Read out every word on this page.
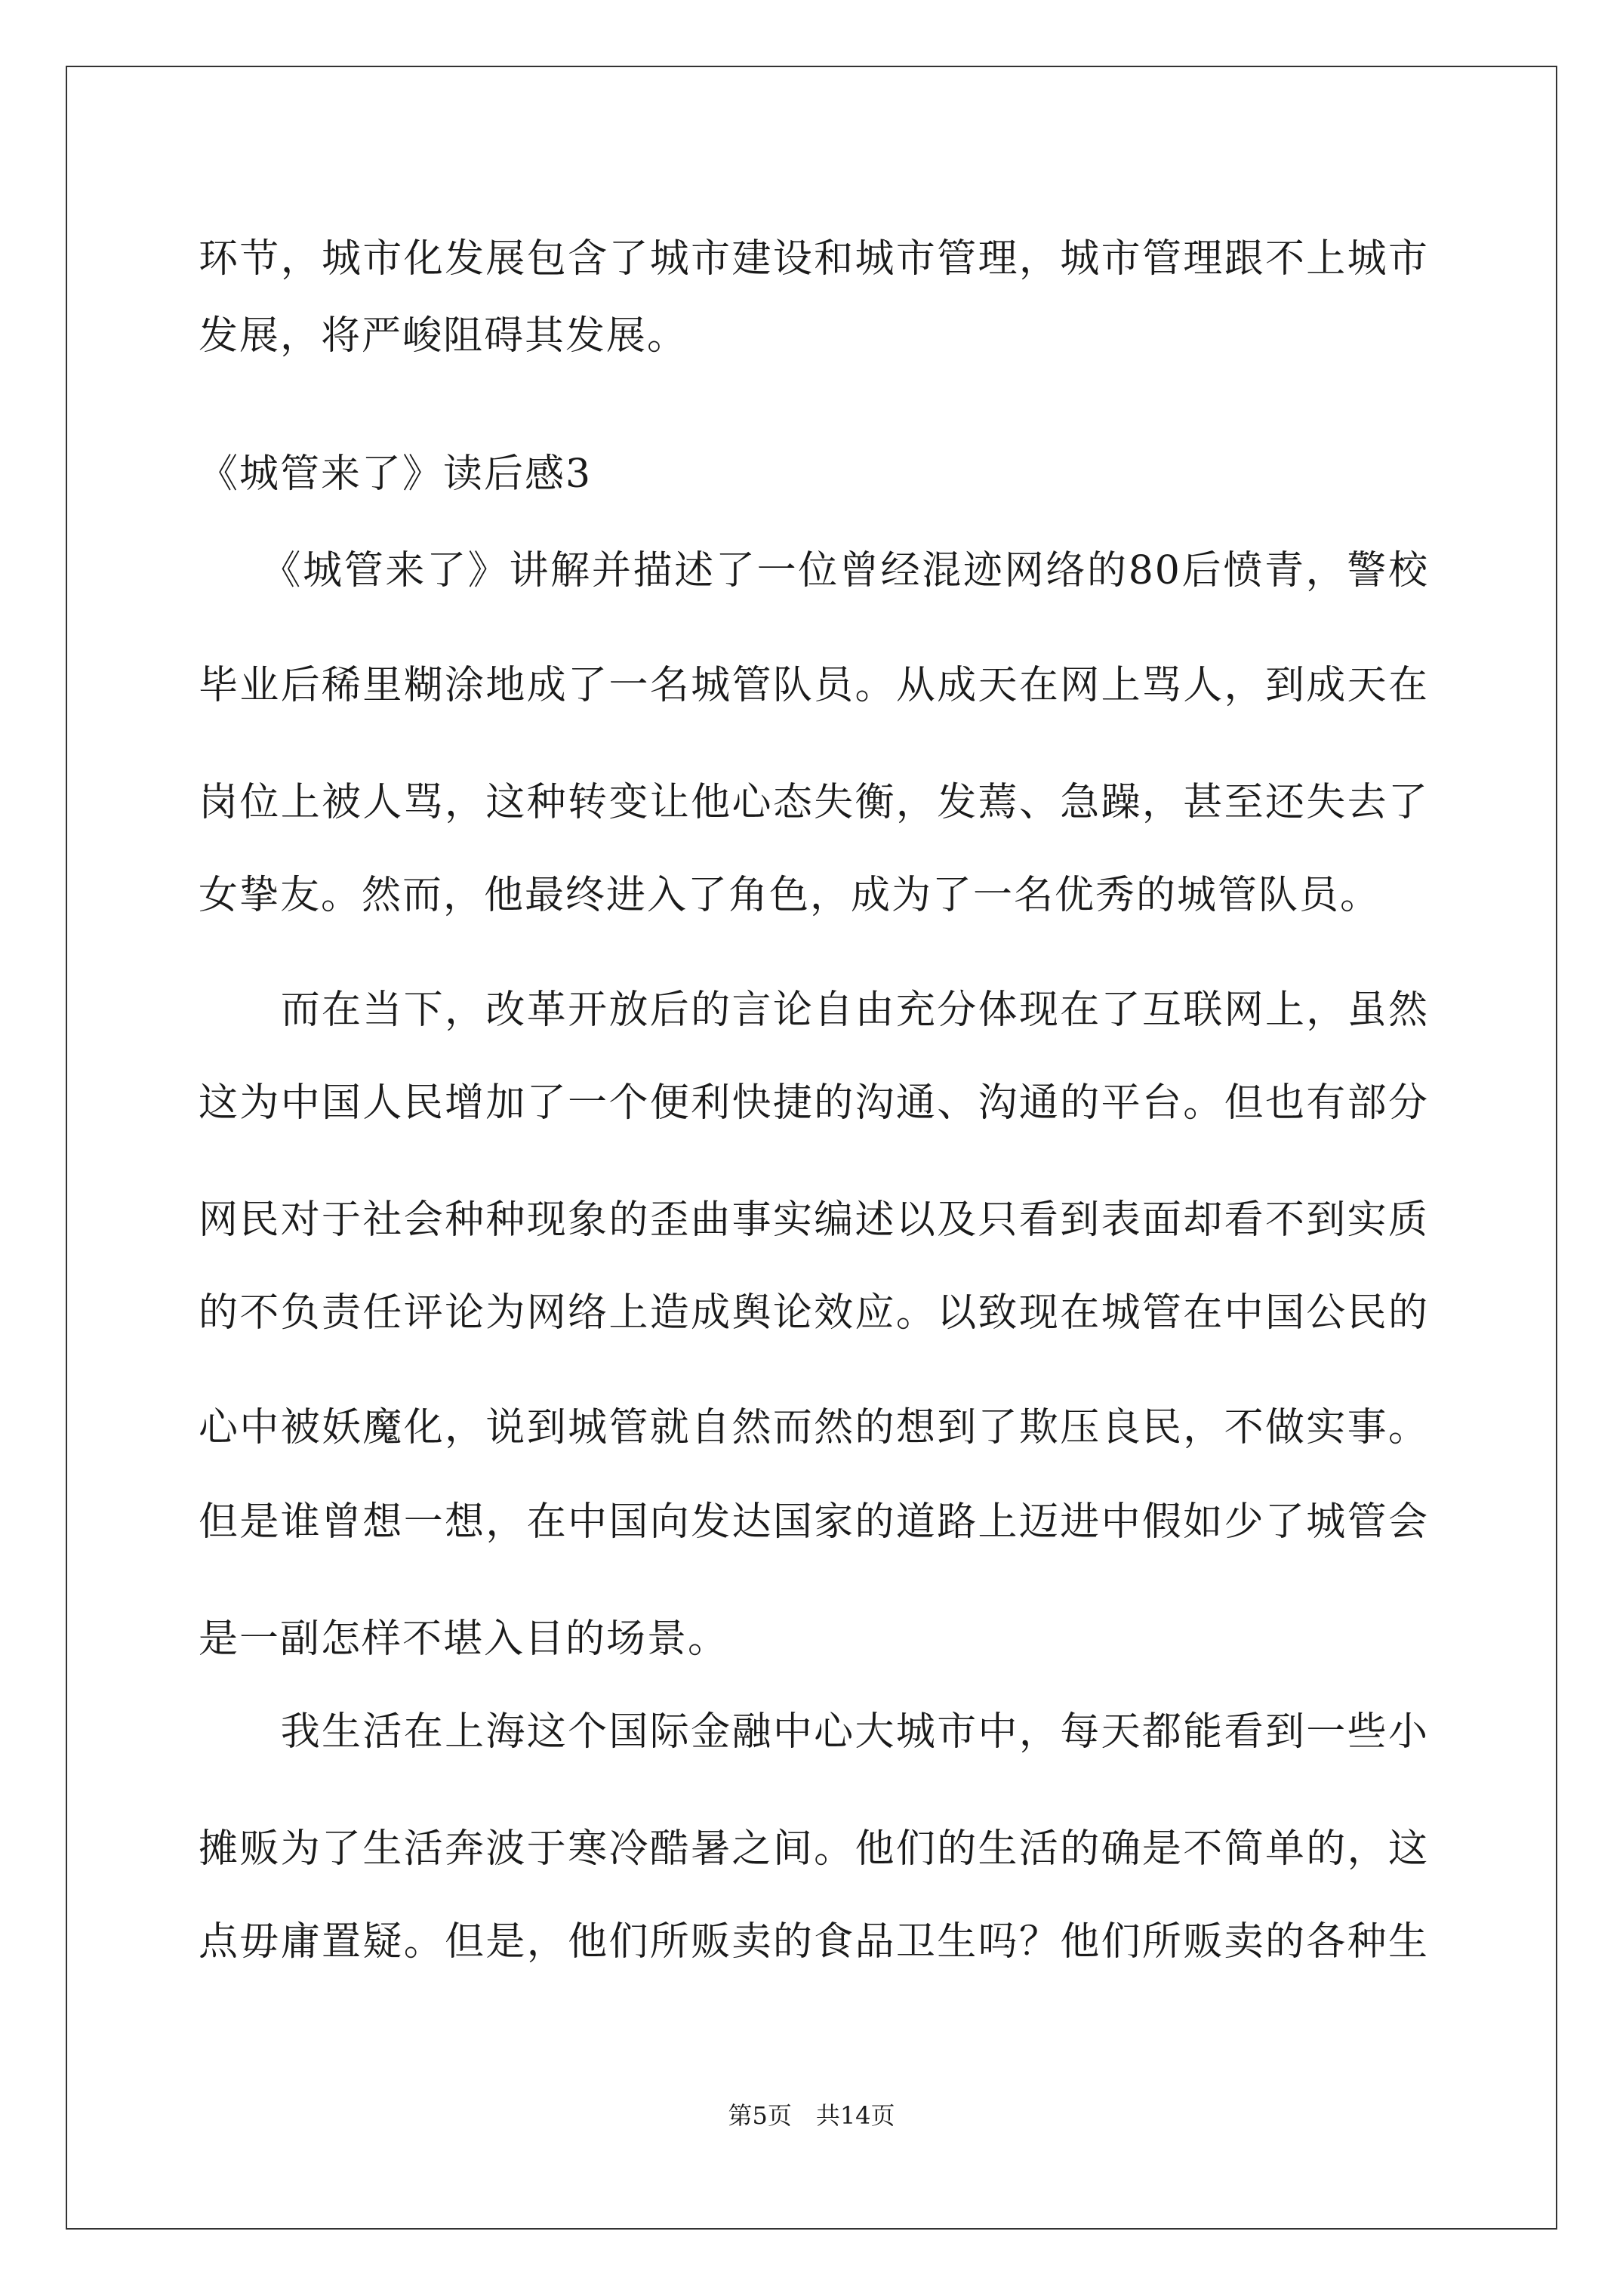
环节，城市化发展包含了城市建设和城市管理，城市管理跟不上城市
发展，将严峻阻碍其发展。
《城管来了》读后感3
　　《城管来了》讲解并描述了一位曾经混迹网络的80后愤青，警校
毕业后稀里糊涂地成了一名城管队员。从成天在网上骂人，到成天在
岗位上被人骂，这种转变让他心态失衡，发蔫、急躁，甚至还失去了
女挚友。然而，他最终进入了角色，成为了一名优秀的城管队员。
　　而在当下，改革开放后的言论自由充分体现在了互联网上，虽然
这为中国人民增加了一个便利快捷的沟通、沟通的平台。但也有部分
网民对于社会种种现象的歪曲事实编述以及只看到表面却看不到实质
的不负责任评论为网络上造成舆论效应。以致现在城管在中国公民的
心中被妖魔化，说到城管就自然而然的想到了欺压良民，不做实事。
但是谁曾想一想，在中国向发达国家的道路上迈进中假如少了城管会
是一副怎样不堪入目的场景。
　　我生活在上海这个国际金融中心大城市中，每天都能看到一些小
摊贩为了生活奔波于寒冷酷暑之间。他们的生活的确是不简单的，这
点毋庸置疑。但是，他们所贩卖的食品卫生吗？他们所贩卖的各种生
第5页　共14页
